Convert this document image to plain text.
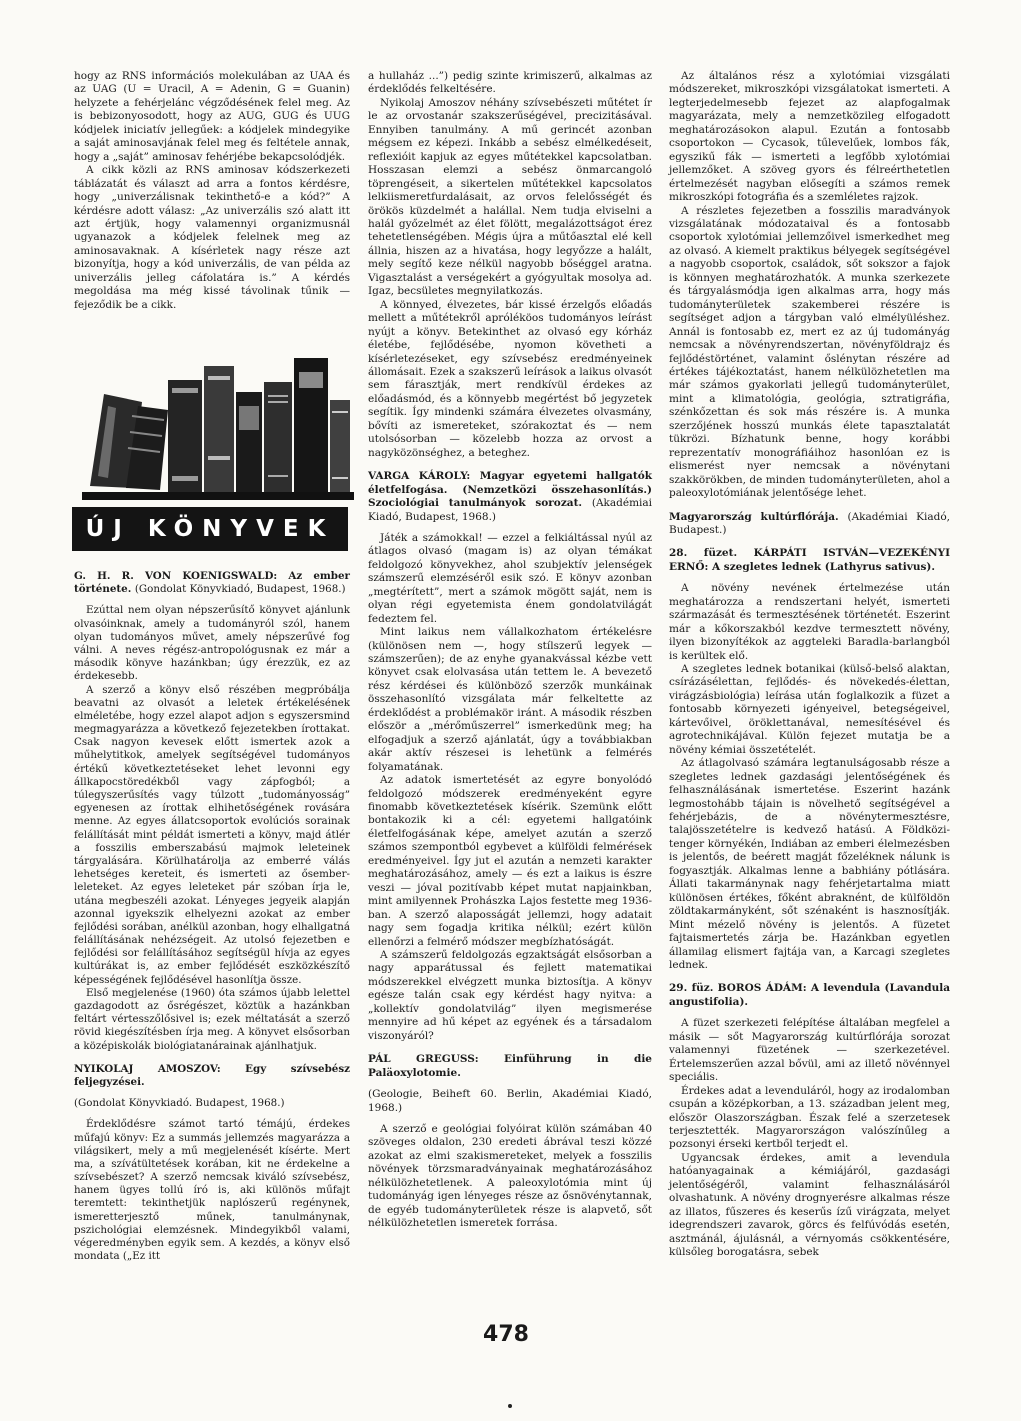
hogy az RNS információs molekulában az UAA és az UAG (U = Uracil, A = Adenin, G = Guanin) helyzete a fehérjelánc végződésének felel meg. Az is bebizonyosodott, hogy az AUG, GUG és UUG kódjelek iniciatív jellegűek: a kódjelek mindegyike a saját aminosavjának felel meg és feltétele annak, hogy a „saját” aminosav fehérjébe bekapcsolódjék.

A cikk közli az RNS aminosav kódszerkezeti táblázatát és választ ad arra a fontos kérdésre, hogy „univerzálisnak tekinthető-e a kód?” A kérdésre adott válasz: „Az univerzális szó alatt itt azt értjük, hogy valamennyi organizmusnál ugyanazok a kódjelek felelnek meg az aminosavaknak. A kísérletek nagy része azt bizonyítja, hogy a kód univerzális, de van példa az univerzális jelleg cáfolatára is.” A kérdés megoldása ma még kissé távolinak tűnik — fejeződik be a cikk.

ÚJ KÖNYVEK

G. H. R. VON KOENIGSWALD: Az ember története. (Gondolat Könyvkiadó, Budapest, 1968.)

Ezúttal nem olyan népszerűsítő könyvet ajánlunk olvasóinknak, amely a tudományról szól, hanem olyan tudományos művet, amely népszerűvé fog válni. A neves régész-antropológusnak ez már a második könyve hazánkban; úgy érezzük, ez az érdekesebb.

A szerző a könyv első részében megpróbálja beavatni az olvasót a leletek értékelésének elméletébe, hogy ezzel alapot adjon s egyszersmind megmagyarázza a következő fejezetekben írottakat. Csak nagyon kevesek előtt ismertek azok a műhelytitkok, amelyek segítségével tudományos értékű következtetéseket lehet levonni egy állkapocstöredékből vagy zápfogból; a túlegyszerűsítés vagy túlzott „tudományosság” egyenesen az írottak elhihetőségének rovására menne. Az egyes állatcsoportok evolúciós sorainak felállítását mint példát ismerteti a könyv, majd átlér a fosszilis emberszabású majmok leleteinek tárgyalására. Körülhatárolja az emberré válás lehetséges kereteit, és ismerteti az ősember-leleteket. Az egyes leleteket pár szóban írja le, utána megbeszéli azokat. Lényeges jegyeik alapján azonnal igyekszik elhelyezni azokat az ember fejlődési sorában, anélkül azonban, hogy elhallgatná felállításának nehézségeit. Az utolsó fejezetben e fejlődési sor felállításához segítségül hívja az egyes kultúrákat is, az ember fejlődését eszközkészítő képességének fejlődésével hasonlítja össze.

Első megjelenése (1960) óta számos újabb lelettel gazdagodott az ősrégészet, köztük a hazánkban feltárt vértesszőlősivel is; ezek méltatását a szerző rövid kiegészítésben írja meg. A könyvet elsősorban a középiskolák biológiatanárainak ajánlhatjuk.

NYIKOLAJ AMOSZOV: Egy szívsebész feljegyzései.

(Gondolat Könyvkiadó. Budapest, 1968.)

Érdeklődésre számot tartó témájú, érdekes műfajú könyv: Ez a summás jellemzés magyarázza a világsikert, mely a mű megjelenését kísérte. Mert ma, a szívátültetések korában, kit ne érdekelne a szívsebészet? A szerző nemcsak kiváló szívsebész, hanem ügyes tollú író is, aki különös műfajt teremtett: tekinthetjük naplószerű regénynek, ismeretterjesztő műnek, tanulmánynak, pszichológiai elemzésnek. Mindegyikből valami, végeredményben egyik sem. A kezdés, a könyv első mondata („Ez itt

a hullaház ...”) pedig szinte krimiszerű, alkalmas az érdeklődés felkeltésére.

Nyikolaj Amoszov néhány szívsebészeti műtétet ír le az orvostanár szakszerűségével, precizitásával. Ennyiben tanulmány. A mű gerincét azonban mégsem ez képezi. Inkább a sebész elmélkedéseit, reflexióit kapjuk az egyes műtétekkel kapcsolatban. Hosszasan elemzi a sebész önmarcangoló töprengéseit, a sikertelen műtétekkel kapcsolatos lelkiismeretfurdalásait, az orvos felelősségét és örökös küzdelmét a halállal. Nem tudja elviselni a halál győzelmét az élet fölött, megalázottságot érez tehetetlenségében. Mégis újra a műtőasztal elé kell állnia, hiszen az a hivatása, hogy legyőzze a halált, mely segítő keze nélkül nagyobb bőséggel aratna. Vigasztalást a verségekért a gyógyultak mosolya ad. Igaz, becsületes megnyilatkozás.

A könnyed, élvezetes, bár kissé érzelgős előadás mellett a műtétekről apróléköos tudományos leírást nyújt a könyv. Betekinthet az olvasó egy kórház életébe, fejlődésébe, nyomon követheti a kísérletezéseket, egy szívsebész eredményeinek állomásait. Ezek a szakszerű leírások a laikus olvasót sem fárasztják, mert rendkívül érdekes az előadásmód, és a könnyebb megértést bő jegyzetek segítik. Így mindenki számára élvezetes olvasmány, bővíti az ismereteket, szórakoztat és — nem utolsósorban — közelebb hozza az orvost a nagyközönséghez, a beteghez.

VARGA KÁROLY: Magyar egyetemi hallgatók életfelfogása. (Nemzetközi összehasonlítás.) Szociológiai tanulmányok sorozat. (Akadémiai Kiadó, Budapest, 1968.)

Játék a számokkal! — ezzel a felkiáltással nyúl az átlagos olvasó (magam is) az olyan témákat feldolgozó könyvekhez, ahol szubjektív jelenségek számszerű elemzéséről esik szó. E könyv azonban „megtérített”, mert a számok mögött saját, nem is olyan régi egyetemista énem gondolatvilágát fedeztem fel.

Mint laikus nem vállalkozhatom értékelésre (különösen nem —, hogy stílszerű legyek — számszerűen); de az enyhe gyanakvással kézbe vett könyvet csak elolvasása után tettem le. A bevezető rész kérdései és különböző szerzők munkáinak összehasonlító vizsgálata már felkeltette az érdeklődést a problémakör iránt. A második részben először a „mérőműszerrel” ismerkedünk meg; ha elfogadjuk a szerző ajánlatát, úgy a továbbiakban akár aktív részesei is lehetünk a felmérés folyamatának.

Az adatok ismertetését az egyre bonyolódó feldolgozó módszerek eredményeként egyre finomabb következtetések kísérik. Szemünk előtt bontakozik ki a cél: egyetemi hallgatóink életfelfogásának képe, amelyet azután a szerző számos szempontból egybevet a külföldi felmérések eredményeivel. Így jut el azután a nemzeti karakter meghatározásához, amely — és ezt a laikus is észre veszi — jóval pozitívabb képet mutat napjainkban, mint amilyennek Prohászka Lajos festette meg 1936-ban. A szerző alaposságát jellemzi, hogy adatait nagy sem fogadja kritika nélkül; ezért külön ellenőrzi a felmérő módszer megbízhatóságát.

A számszerű feldolgozás egzaktságát elsősorban a nagy apparátussal és fejlett matematikai módszerekkel elvégzett munka biztosítja. A könyv egésze talán csak egy kérdést hagy nyitva: a „kollektív gondolatvilág” ilyen megismerése mennyire ad hű képet az egyének és a társadalom viszonyáról?

PÁL GREGUSS: Einführung in die Paläoxylotomie.

(Geologie, Beiheft 60. Berlin, Akadémiai Kiadó, 1968.)

A szerző e geológiai folyóirat külön számában 40 szöveges oldalon, 230 eredeti ábrával teszi közzé azokat az elmi szakismereteket, melyek a fosszilis növények törzsmaradványainak meghatározásához nélkülözhetetlenek. A paleoxylotómia mint új tudományág igen lényeges része az ősnövénytannak, de egyéb tudományterületek része is alapvető, sőt nélkülözhetetlen ismeretek forrása.

Az általános rész a xylotómiai vizsgálati módszereket, mikroszkópi vizsgálatokat ismerteti. A legterjedelmesebb fejezet az alapfogalmak magyarázata, mely a nemzetközileg elfogadott meghatározásokon alapul. Ezután a fontosabb csoportokon — Cycasok, tűlevelűek, lombos fák, egyszikű fák — ismerteti a legfőbb xylotómiai jellemzőket. A szöveg gyors és félreérthetetlen értelmezését nagyban elősegíti a számos remek mikroszkópi fotográfia és a szemléletes rajzok.

A részletes fejezetben a fosszilis maradványok vizsgálatának módozataival és a fontosabb csoportok xylotómiai jellemzőivel ismerkedhet meg az olvasó. A kiemelt praktikus bélyegek segítségével a nagyobb csoportok, családok, sőt sokszor a fajok is könnyen meghatározhatók. A munka szerkezete és tárgyalásmódja igen alkalmas arra, hogy más tudományterületek szakemberei részére is segítséget adjon a tárgyban való elmélyüléshez. Annál is fontosabb ez, mert ez az új tudományág nemcsak a növényrendszertan, növényföldrajz és fejlődéstörténet, valamint őslénytan részére ad értékes tájékoztatást, hanem nélkülözhetetlen ma már számos gyakorlati jellegű tudományterület, mint a klimatológia, geológia, sztratigráfia, szénkőzettan és sok más részére is. A munka szerzőjének hosszú munkás élete tapasztalatát tükrözi. Bízhatunk benne, hogy korábbi reprezentatív monográfiáihoz hasonlóan ez is elismerést nyer nemcsak a növénytani szakkörökben, de minden tudományterületen, ahol a paleoxylotómiának jelentősége lehet.

Magyarország kultúrflórája. (Akadémiai Kiadó, Budapest.)

28. füzet. KÁRPÁTI ISTVÁN—VEZEKÉNYI ERNŐ: A szegletes lednek (Lathyrus sativus).

A növény nevének értelmezése után meghatározza a rendszertani helyét, ismerteti származását és termesztésének történetét. Eszerint már a kőkorszakból kezdve termesztett növény, ilyen bizonyítékok az aggteleki Baradla-barlangból is kerültek elő.

A szegletes lednek botanikai (külső-belső alaktan, csírázásélettan, fejlődés- és növekedés-élettan, virágzásbiológia) leírása után foglalkozik a füzet a fontosabb környezeti igényeivel, betegségeivel, kártevőivel, öröklettanával, nemesítésével és agrotechnikájával. Külön fejezet mutatja be a növény kémiai összetételét.

Az átlagolvasó számára legtanulságosabb része a szegletes lednek gazdasági jelentőségének és felhasználásának ismertetése. Eszerint hazánk legmostohább tájain is növelhető segítségével a fehérjebázis, de a növénytermesztésre, talajösszetételre is kedvező hatású. A Földközi-tenger környékén, Indiában az emberi élelmezésben is jelentős, de beérett magját főzeléknek nálunk is fogyasztják. Alkalmas lenne a babhiány pótlására. Állati takarmánynak nagy fehérjetartalma miatt különösen értékes, főként abraknént, de külföldön zöldtakarmányként, sőt szénaként is hasznosítják. Mint mézelő növény is jelentős. A füzetet fajtaismertetés zárja be. Hazánkban egyetlen államilag elismert fajtája van, a Karcagi szegletes lednek.

29. füz. BOROS ÁDÁM: A levendula (Lavandula angustifolia).

A füzet szerkezeti felépítése általában megfelel a másik — sőt Magyarország kultúrflórája sorozat valamennyi füzetének — szerkezetével. Értelemszerűen azzal bővül, ami az illető növénnyel speciális.

Érdekes adat a levenduláról, hogy az irodalomban csupán a középkorban, a 13. században jelent meg, először Olaszországban. Észak felé a szerzetesek terjesztették. Magyarországon valószínűleg a pozsonyi érseki kertből terjedt el.

Ugyancsak érdekes, amit a levendula hatóanyagainak a kémiájáról, gazdasági jelentőségéről, valamint felhasználásáról olvashatunk. A növény drognyerésre alkalmas része az illatos, fűszeres és keserűs ízű virágzata, melyet idegrendszeri zavarok, görcs és felfúvódás esetén, asztmánál, ájulásnál, a vérnyomás csökkentésére, külsőleg borogatásra, sebek

478
